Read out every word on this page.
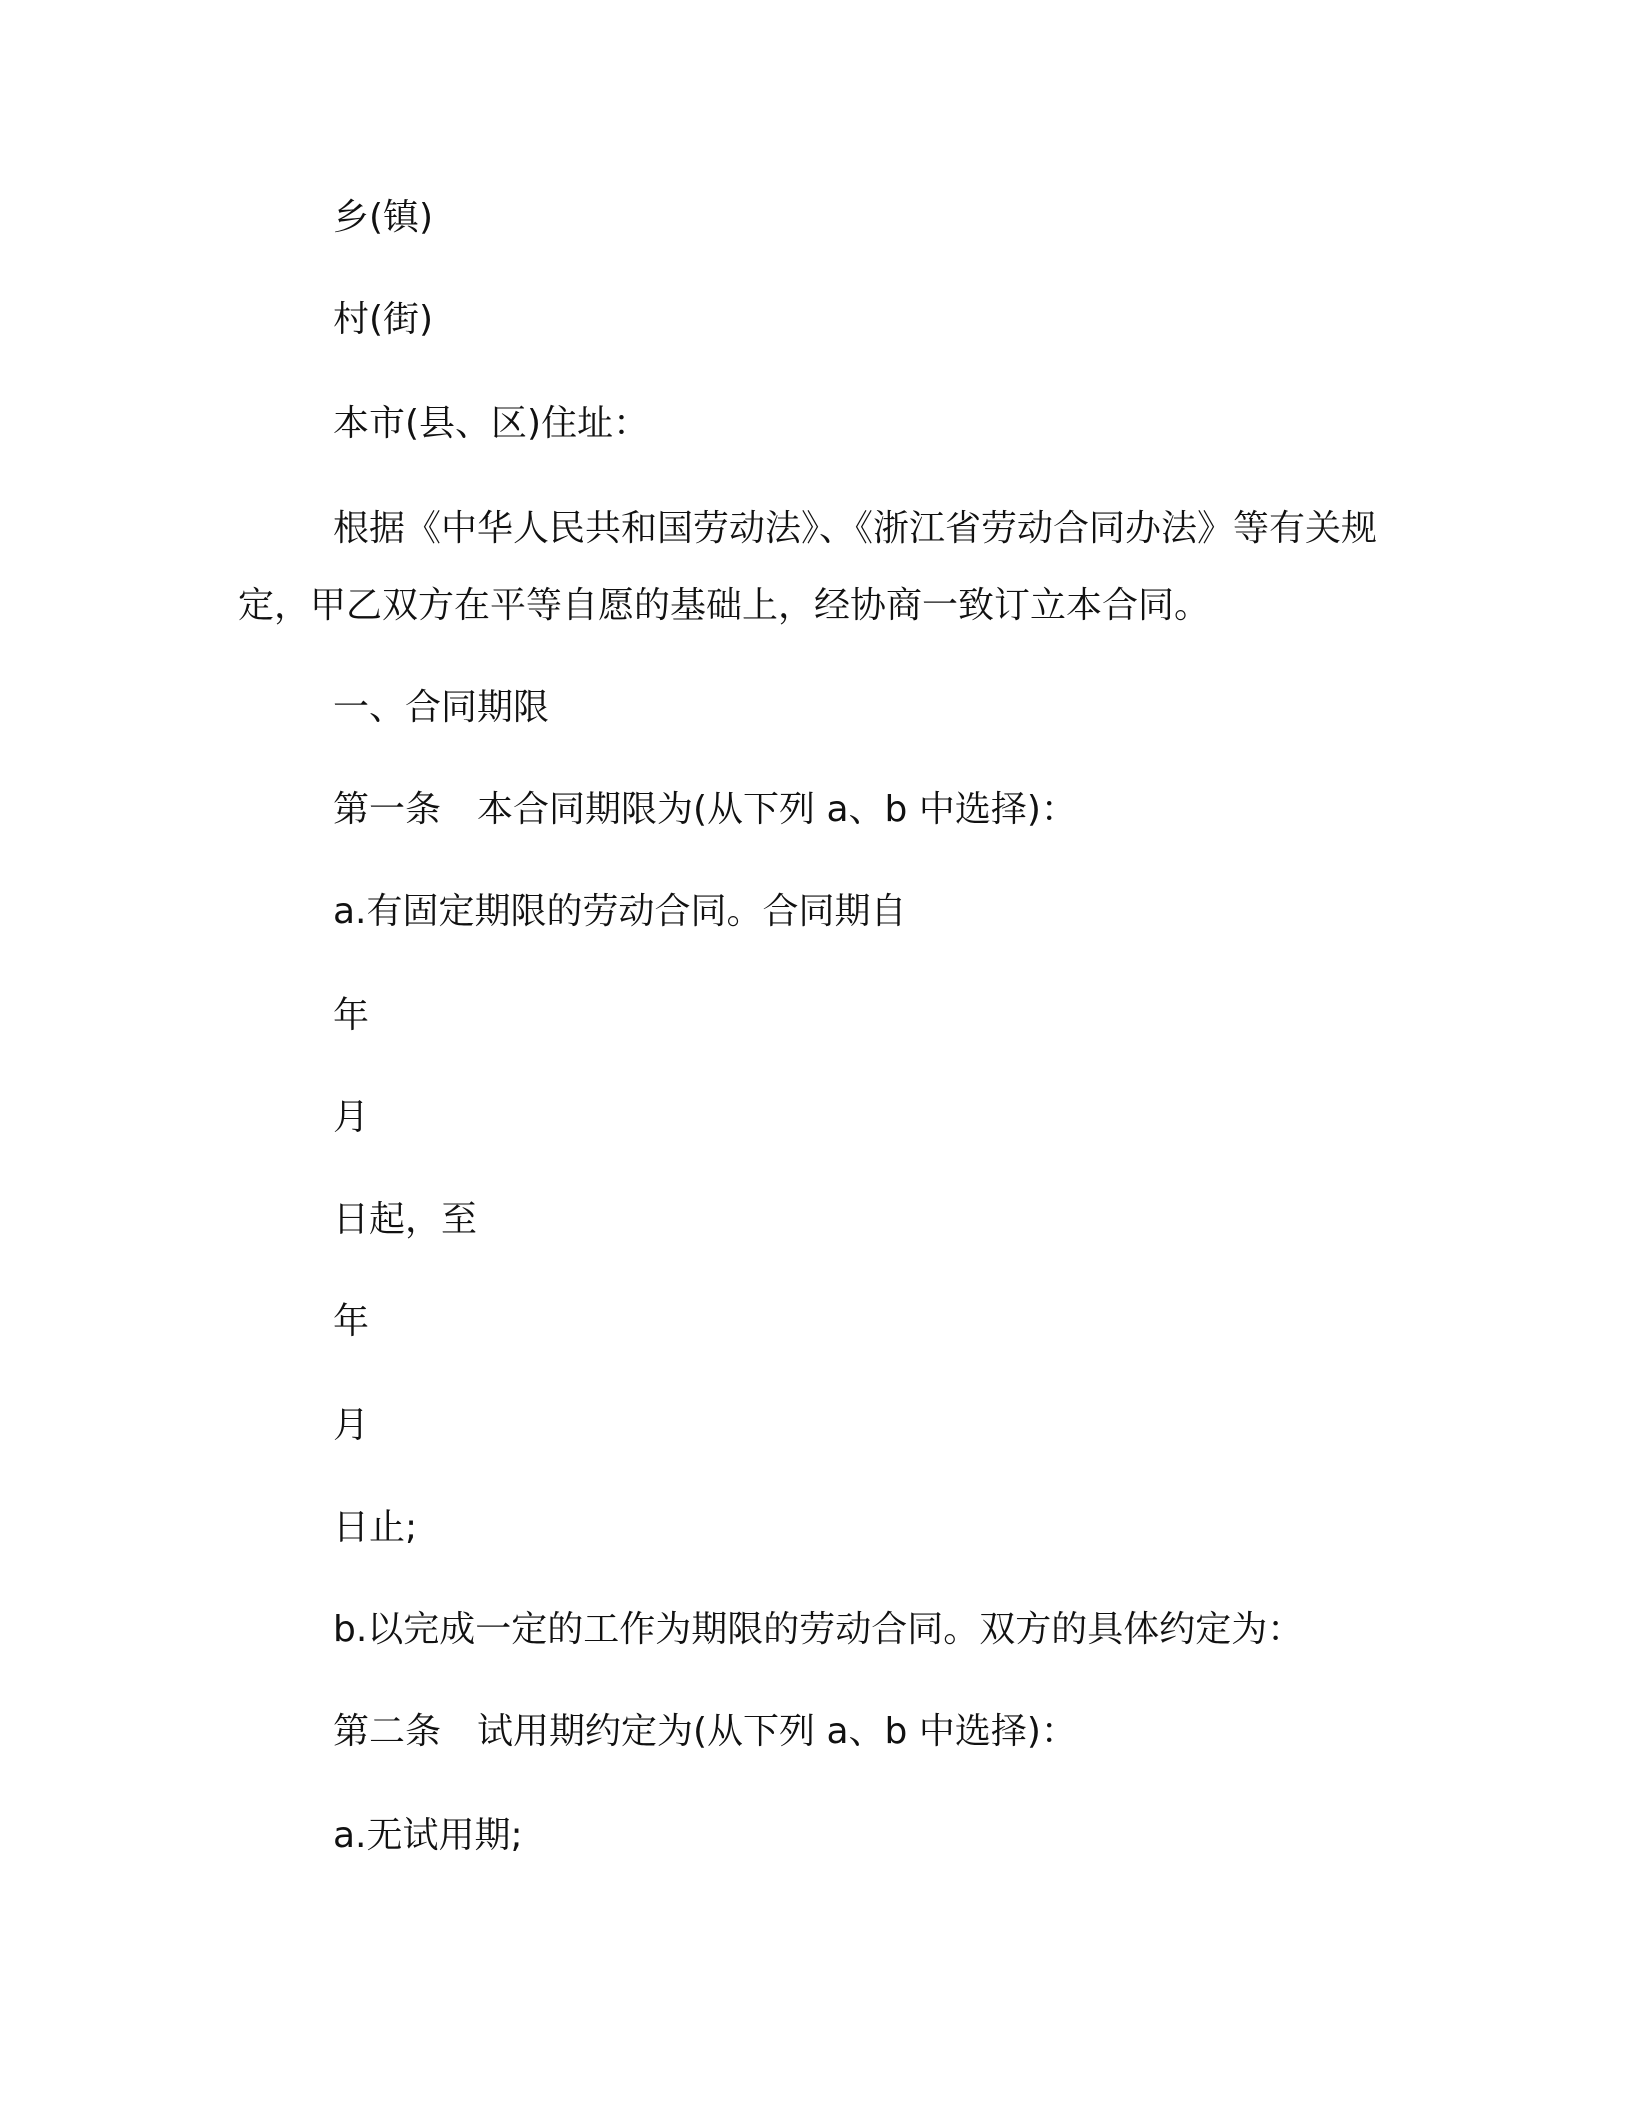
乡(镇)
村(街)
本市(县、区)住址：
根据《中华人民共和国劳动法》、《浙江省劳动合同办法》等有关规定，甲乙双方在平等自愿的基础上，经协商一致订立本合同。
一、合同期限
第一条　本合同期限为(从下列 a、b 中选择)：
a.有固定期限的劳动合同。合同期自
年
月
日起，至
年
月
日止;
b.以完成一定的工作为期限的劳动合同。双方的具体约定为：
第二条　试用期约定为(从下列 a、b 中选择)：
a.无试用期;
